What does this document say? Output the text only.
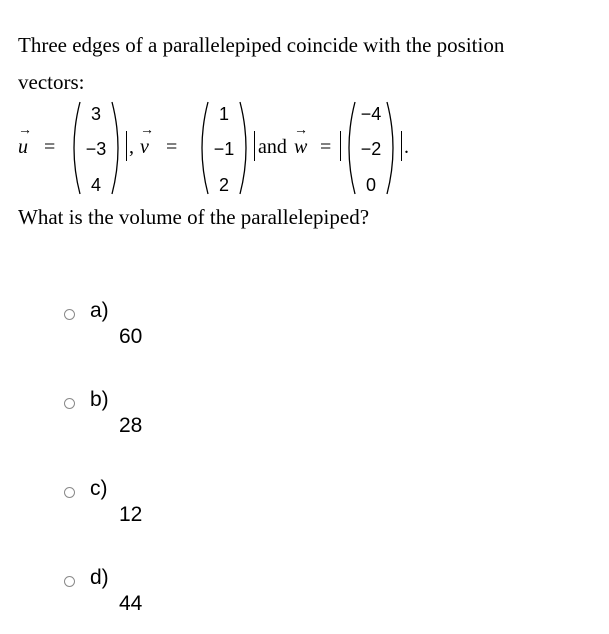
Three edges of a parallelepiped coincide with the position
vectors:
→
u =
3
−3
4
,
→
v =
1
−1
2
and
→
w =
−4
−2
0
.
What is the volume of the parallelepiped?
a)
60
b)
28
c)
12
d)
44
